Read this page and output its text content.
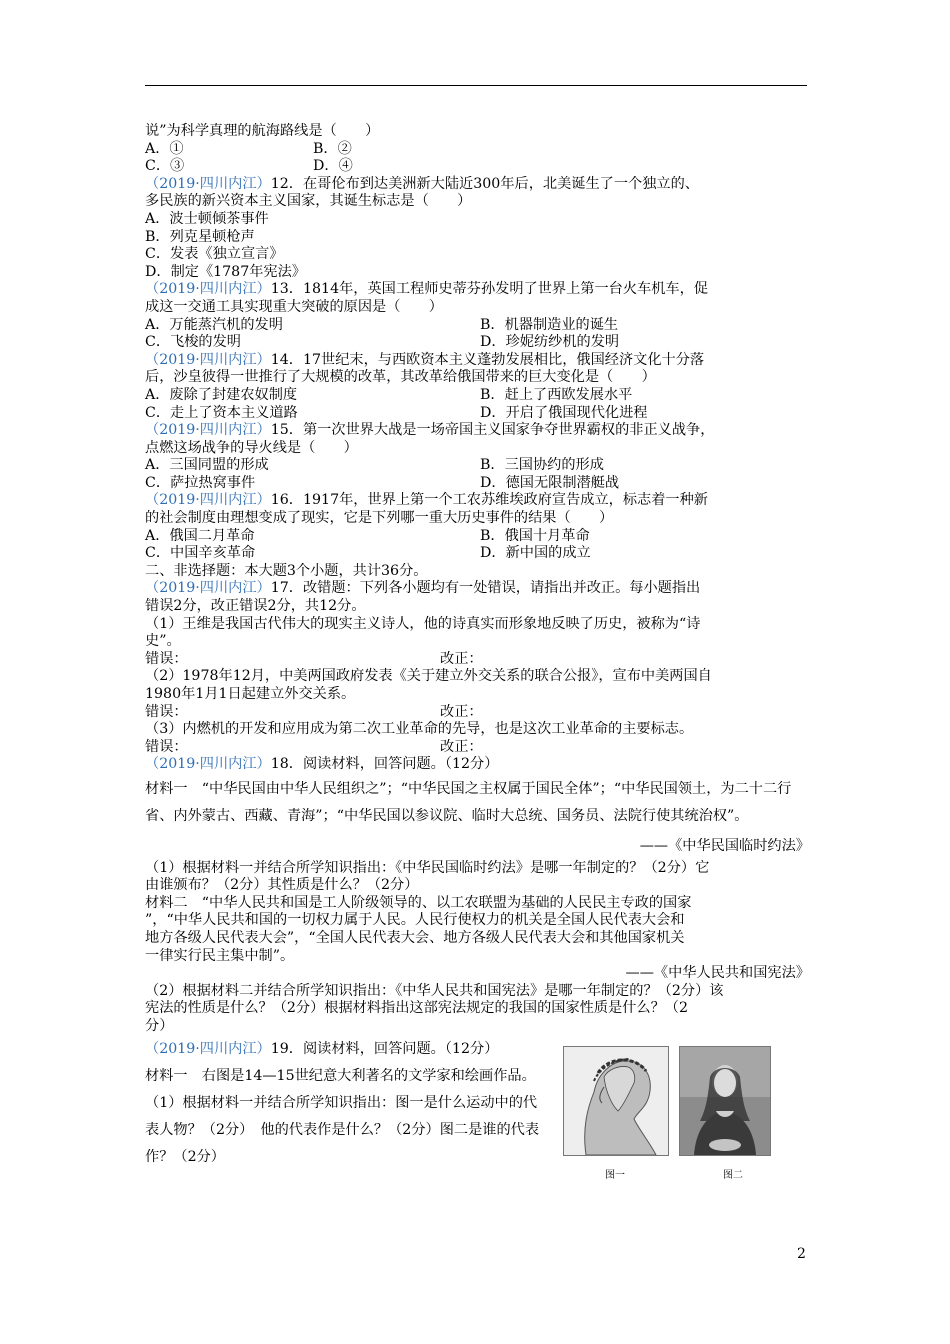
说”为科学真理的航海路线是（　　）
A．①	B．②
C．③	D．④
（2019·四川内江）12．在哥伦布到达美洲新大陆近300年后，北美诞生了一个独立的、
多民族的新兴资本主义国家，其诞生标志是（　　）
A．波士顿倾茶事件
B．列克星顿枪声
C．发表《独立宣言》
D．制定《1787年宪法》
（2019·四川内江）13．1814年，英国工程师史蒂芬孙发明了世界上第一台火车机车，促
成这一交通工具实现重大突破的原因是（　　）
A．万能蒸汽机的发明	B．机器制造业的诞生
C．飞梭的发明	D．珍妮纺纱机的发明
（2019·四川内江）14．17世纪末，与西欧资本主义蓬勃发展相比，俄国经济文化十分落
后，沙皇彼得一世推行了大规模的改革，其改革给俄国带来的巨大变化是（　　）
A．废除了封建农奴制度	B．赶上了西欧发展水平
C．走上了资本主义道路	D．开启了俄国现代化进程
（2019·四川内江）15．第一次世界大战是一场帝国主义国家争夺世界霸权的非正义战争，
点燃这场战争的导火线是（　　）
A．三国同盟的形成	B．三国协约的形成
C．萨拉热窝事件	D．德国无限制潜艇战
（2019·四川内江）16．1917年，世界上第一个工农苏维埃政府宣告成立，标志着一种新
的社会制度由理想变成了现实，它是下列哪一重大历史事件的结果（　　）
A．俄国二月革命	B．俄国十月革命
C．中国辛亥革命	D．新中国的成立
二、非选择题：本大题3个小题，共计36分。
（2019·四川内江）17．改错题：下列各小题均有一处错误，请指出并改正。每小题指出
错误2分，改正错误2分，共12分。
（1）王维是我国古代伟大的现实主义诗人，他的诗真实而形象地反映了历史，被称为“诗
史”。
错误：	改正：
（2）1978年12月，中美两国政府发表《关于建立外交关系的联合公报》，宣布中美两国自
1980年1月1日起建立外交关系。
错误：	改正：
（3）内燃机的开发和应用成为第二次工业革命的先导，也是这次工业革命的主要标志。
错误：	改正：
（2019·四川内江）18．阅读材料，回答问题。（12分）
材料一　“中华民国由中华人民组织之”；“中华民国之主权属于国民全体”；“中华民国领土，为二十二行省、内外蒙古、西藏、青海”；“中华民国以参议院、临时大总统、国务员、法院行使其统治权”。
——《中华民国临时约法》
（1）根据材料一并结合所学知识指出：《中华民国临时约法》是哪一年制定的？（2分）它
由谁颁布？（2分）其性质是什么？（2分）
材料二　“中华人民共和国是工人阶级领导的、以工农联盟为基础的人民民主专政的国家
”，“中华人民共和国的一切权力属于人民。人民行使权力的机关是全国人民代表大会和
地方各级人民代表大会”，“全国人民代表大会、地方各级人民代表大会和其他国家机关
一律实行民主集中制”。
——《中华人民共和国宪法》
（2）根据材料二并结合所学知识指出：《中华人民共和国宪法》是哪一年制定的？（2分）该
宪法的性质是什么？（2分）根据材料指出这部宪法规定的我国的国家性质是什么？（2
分）
（2019·四川内江）19．阅读材料，回答问题。（12分）
材料一　右图是14—15世纪意大利著名的文学家和绘画作品。
（1）根据材料一并结合所学知识指出：图一是什么运动中的代表人物？（2分）　他的代表作是什么？（2分）图二是谁的代表作？（2分）
图一	图二
2
